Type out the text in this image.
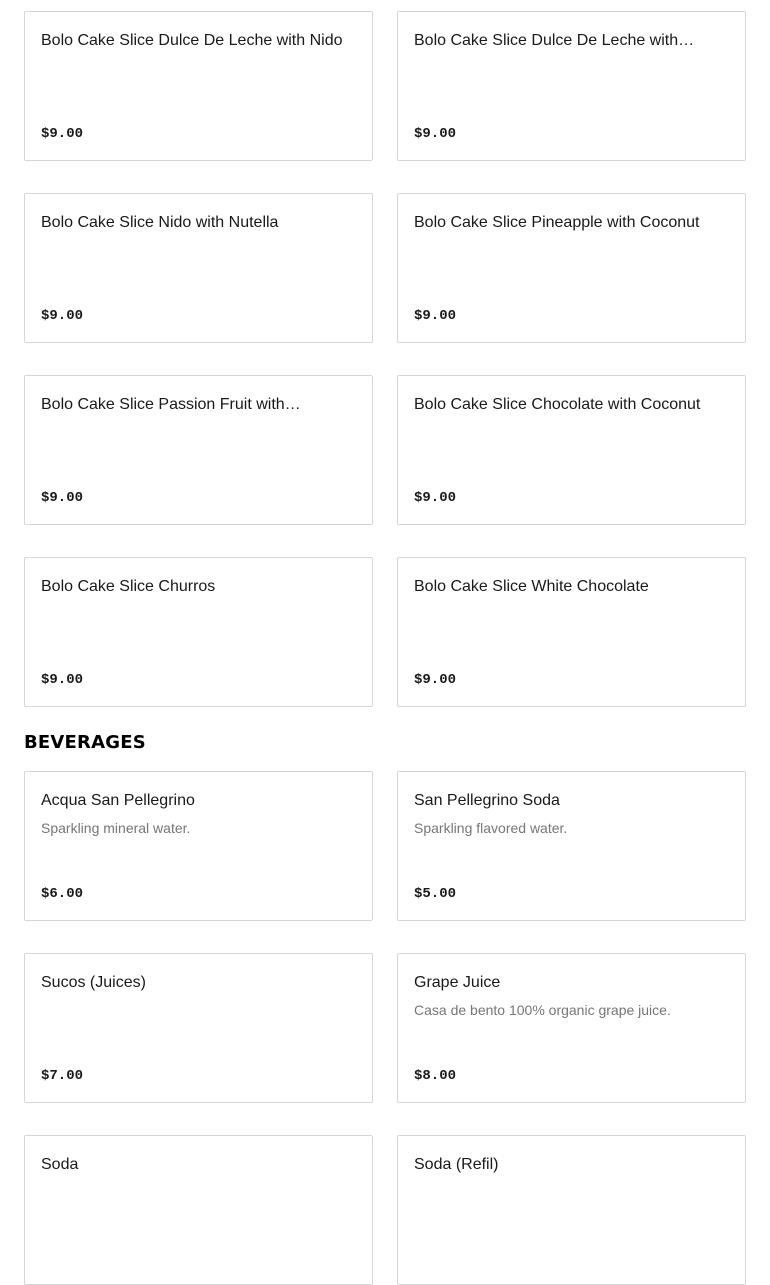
Bolo Cake Slice Dulce De Leche with Nido
$9.00
Bolo Cake Slice Dulce De Leche with…
$9.00
Bolo Cake Slice Nido with Nutella
$9.00
Bolo Cake Slice Pineapple with Coconut
$9.00
Bolo Cake Slice Passion Fruit with…
$9.00
Bolo Cake Slice Chocolate with Coconut
$9.00
Bolo Cake Slice Churros
$9.00
Bolo Cake Slice White Chocolate
$9.00
BEVERAGES
Acqua San Pellegrino
Sparkling mineral water.
$6.00
San Pellegrino Soda
Sparkling flavored water.
$5.00
Sucos (Juices)
$7.00
Grape Juice
Casa de bento 100% organic grape juice.
$8.00
Soda	Soda (Refil)
